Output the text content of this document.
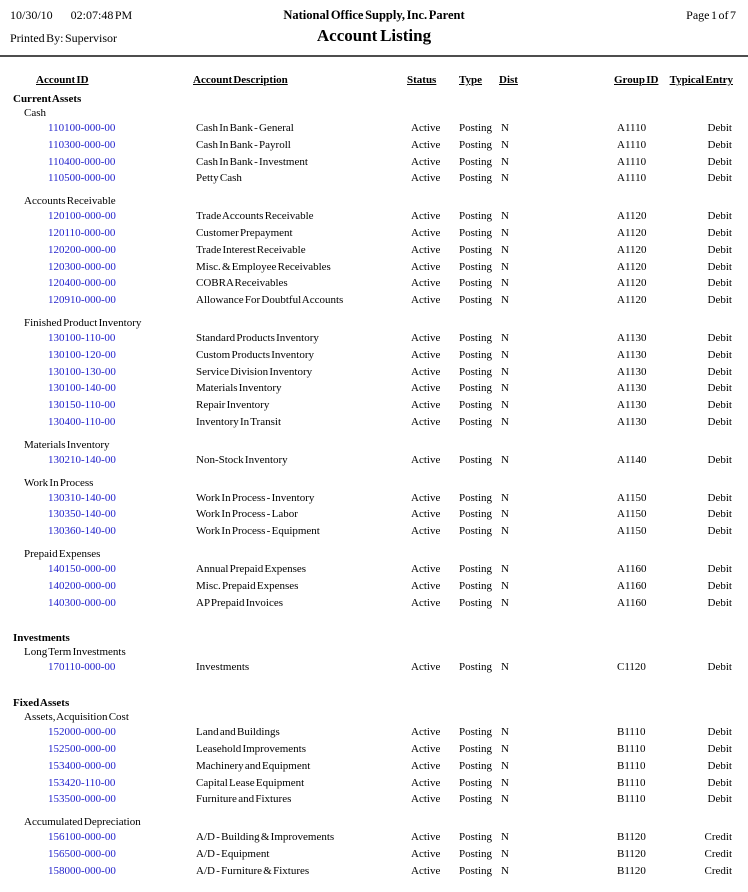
10/30/10 02:07:48 PM
Printed By: Supervisor
National Office Supply, Inc. Parent
Account Listing
Page 1 of 7
Account ID	Account Description	Status Type Dist	Group ID	Typical Entry
Current Assets
Cash
110100-000-00	Cash In Bank - General	Active Posting N	A1110	Debit
110300-000-00	Cash In Bank - Payroll	Active Posting N	A1110	Debit
110400-000-00	Cash In Bank - Investment	Active Posting N	A1110	Debit
110500-000-00	Petty Cash	Active Posting N	A1110	Debit
Accounts Receivable
120100-000-00	Trade Accounts Receivable	Active Posting N	A1120	Debit
120110-000-00	Customer Prepayment	Active Posting N	A1120	Debit
120200-000-00	Trade Interest Receivable	Active Posting N	A1120	Debit
120300-000-00	Misc. & Employee Receivables	Active Posting N	A1120	Debit
120400-000-00	COBRA Receivables	Active Posting N	A1120	Debit
120910-000-00	Allowance For Doubtful Accounts	Active Posting N	A1120	Debit
Finished Product Inventory
130100-110-00	Standard Products Inventory	Active Posting N	A1130	Debit
130100-120-00	Custom Products Inventory	Active Posting N	A1130	Debit
130100-130-00	Service Division Inventory	Active Posting N	A1130	Debit
130100-140-00	Materials Inventory	Active Posting N	A1130	Debit
130150-110-00	Repair Inventory	Active Posting N	A1130	Debit
130400-110-00	Inventory In Transit	Active Posting N	A1130	Debit
Materials Inventory
130210-140-00	Non-Stock Inventory	Active Posting N	A1140	Debit
Work In Process
130310-140-00	Work In Process - Inventory	Active Posting N	A1150	Debit
130350-140-00	Work In Process - Labor	Active Posting N	A1150	Debit
130360-140-00	Work In Process - Equipment	Active Posting N	A1150	Debit
Prepaid Expenses
140150-000-00	Annual Prepaid Expenses	Active Posting N	A1160	Debit
140200-000-00	Misc. Prepaid Expenses	Active Posting N	A1160	Debit
140300-000-00	AP Prepaid Invoices	Active Posting N	A1160	Debit
Investments
Long Term Investments
170110-000-00	Investments	Active Posting N	C1120	Debit
Fixed Assets
Assets, Acquisition Cost
152000-000-00	Land and Buildings	Active Posting N	B1110	Debit
152500-000-00	Leasehold Improvements	Active Posting N	B1110	Debit
153400-000-00	Machinery and Equipment	Active Posting N	B1110	Debit
153420-110-00	Capital Lease Equipment	Active Posting N	B1110	Debit
153500-000-00	Furniture and Fixtures	Active Posting N	B1110	Debit
Accumulated Depreciation
156100-000-00	A/D - Building & Improvements	Active Posting N	B1120	Credit
156500-000-00	A/D - Equipment	Active Posting N	B1120	Credit
158000-000-00	A/D - Furniture & Fixtures	Active Posting N	B1120	Credit
